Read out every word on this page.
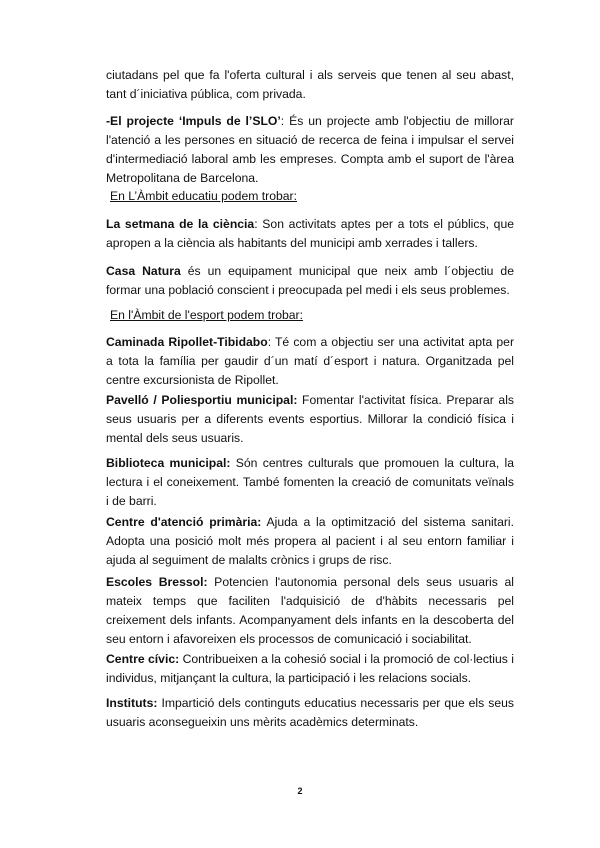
ciutadans pel que fa l'oferta cultural i als serveis que tenen al seu abast, tant d´iniciativa pública, com privada.

-El projecte ‘Impuls de l’SLO’: És un projecte amb l'objectiu de millorar l'atenció a les persones en situació de recerca de feina i impulsar el servei d'intermediació laboral amb les empreses. Compta amb el suport de l'àrea Metropolitana de Barcelona.

En L’Àmbit educatiu podem trobar:

La setmana de la ciència: Son activitats aptes per a tots el públics, que apropen a la ciència als habitants del municipi amb xerrades i tallers.

Casa Natura és un equipament municipal que neix amb l´objectiu de formar una població conscient i preocupada pel medi i els seus problemes.

En l'Àmbit de l'esport podem trobar:

Caminada Ripollet-Tibidabo: Té com a objectiu ser una activitat apta per a tota la família per gaudir d´un matí d´esport i natura. Organitzada pel centre excursionista de Ripollet.

Pavelló / Poliesportiu municipal: Fomentar l'activitat física. Preparar als seus usuaris per a diferents events esportius. Millorar la condició física i mental dels seus usuaris.

Biblioteca municipal: Són centres culturals que promouen la cultura, la lectura i el coneixement. També fomenten la creació de comunitats veïnals i de barri.

Centre d'atenció primària: Ajuda a la optimització del sistema sanitari. Adopta una posició molt més propera al pacient i al seu entorn familiar i ajuda al seguiment de malalts crònics i grups de risc.

Escoles Bressol: Potencien l'autonomia personal dels seus usuaris al mateix temps que faciliten l'adquisició de d'hàbits necessaris pel creixement dels infants. Acompanyament dels infants en la descoberta del seu entorn i afavoreixen els processos de comunicació i sociabilitat.

Centre cívic: Contribueixen a la cohesió social i la promoció de col·lectius i individus, mitjançant la cultura, la participació i les relacions socials.

Instituts: Impartició dels continguts educatius necessaris per que els seus usuaris aconsegueixin uns mèrits acadèmics determinats.

2
